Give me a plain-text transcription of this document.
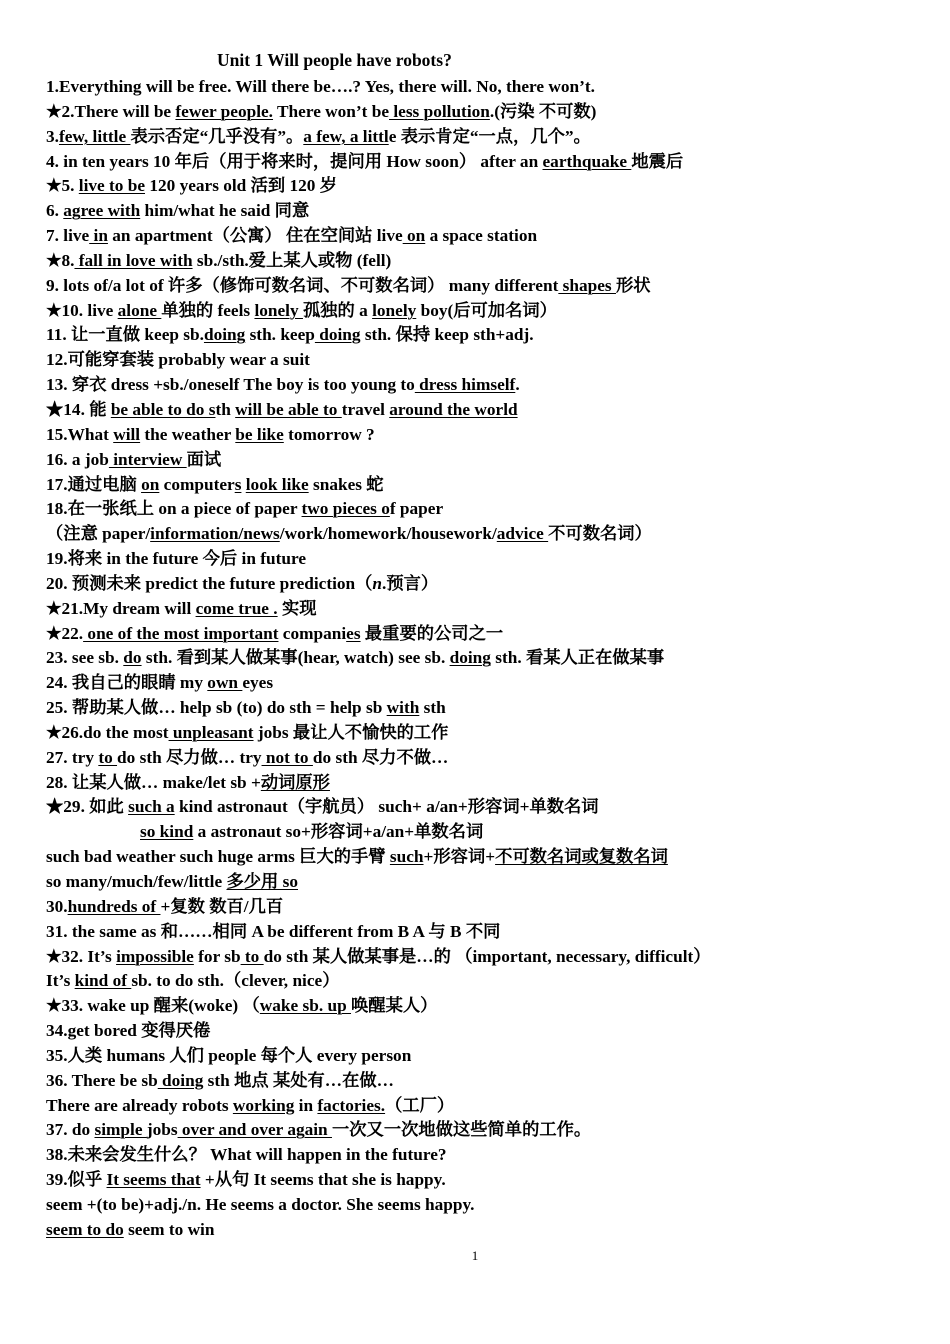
Unit 1 Will people have robots?
1.Everything will be free. Will there be….? Yes, there will. No, there won’t.
★2.There will be fewer people. There won’t be less pollution.(污染 不可数)
3.few, little 表示否定“几乎没有”。a few, a little 表示肯定“一点，几个”。
4. in ten years 10 年后（用于将来时，提问用 How soon） after an earthquake 地震后
★5. live to be 120 years old 活到 120 岁
6. agree with him/what he said 同意
7. live in an apartment（公寓） 住在空间站 live on a space station
★8. fall in love with sb./sth.爱上某人或物 (fell)
9. lots of/a lot of 许多（修饰可数名词、不可数名词） many different shapes 形状
★10. live alone 单独的 feels lonely 孤独的 a lonely boy(后可加名词）
11. 让一直做 keep sb.doing sth. keep doing sth. 保持 keep sth+adj.
12.可能穿套装 probably wear a suit
13. 穿衣 dress +sb./oneself The boy is too young to dress himself.
★14. 能 be able to do sth will be able to travel around the world
15.What will the weather be like tomorrow ?
16. a job interview 面试
17.通过电脑 on computers look like snakes 蛇
18.在一张纸上 on a piece of paper two pieces of paper
（注意 paper/information/news/work/homework/housework/advice 不可数名词）
19.将来 in the future 今后 in future
20. 预测未来 predict the future prediction（n.预言）
★21.My dream will come true . 实现
★22. one of the most important companies 最重要的公司之一
23. see sb. do sth. 看到某人做某事(hear, watch) see sb. doing sth. 看某人正在做某事
24. 我自己的眼睛 my own eyes
25. 帮助某人做… help sb (to) do sth = help sb with sth
★26.do the most unpleasant jobs 最让人不愉快的工作
27. try to do sth 尽力做… try not to do sth 尽力不做…
28. 让某人做… make/let sb +动词原形
★29. 如此 such a kind astronaut（宇航员） such+ a/an+形容词+单数名词
so kind a astronaut so+形容词+a/an+单数名词
such bad weather such huge arms 巨大的手臂 such+形容词+不可数名词或复数名词
so many/much/few/little 多少用 so
30.hundreds of +复数 数百/几百
31. the same as 和……相同 A be different from B A 与 B 不同
★32. It’s impossible for sb to do sth 某人做某事是…的 （important, necessary, difficult）
It’s kind of sb. to do sth.（clever, nice）
★33. wake up 醒来(woke) （wake sb. up 唤醒某人）
34.get bored 变得厌倦
35.人类 humans 人们 people 每个人 every person
36. There be sb doing sth 地点 某处有…在做…
There are already robots working in factories.（工厂）
37. do simple jobs over and over again 一次又一次地做这些简单的工作。
38.未来会发生什么？ What will happen in the future?
39.似乎 It seems that +从句 It seems that she is happy.
seem +(to be)+adj./n. He seems a doctor. She seems happy.
seem to do seem to win
1
